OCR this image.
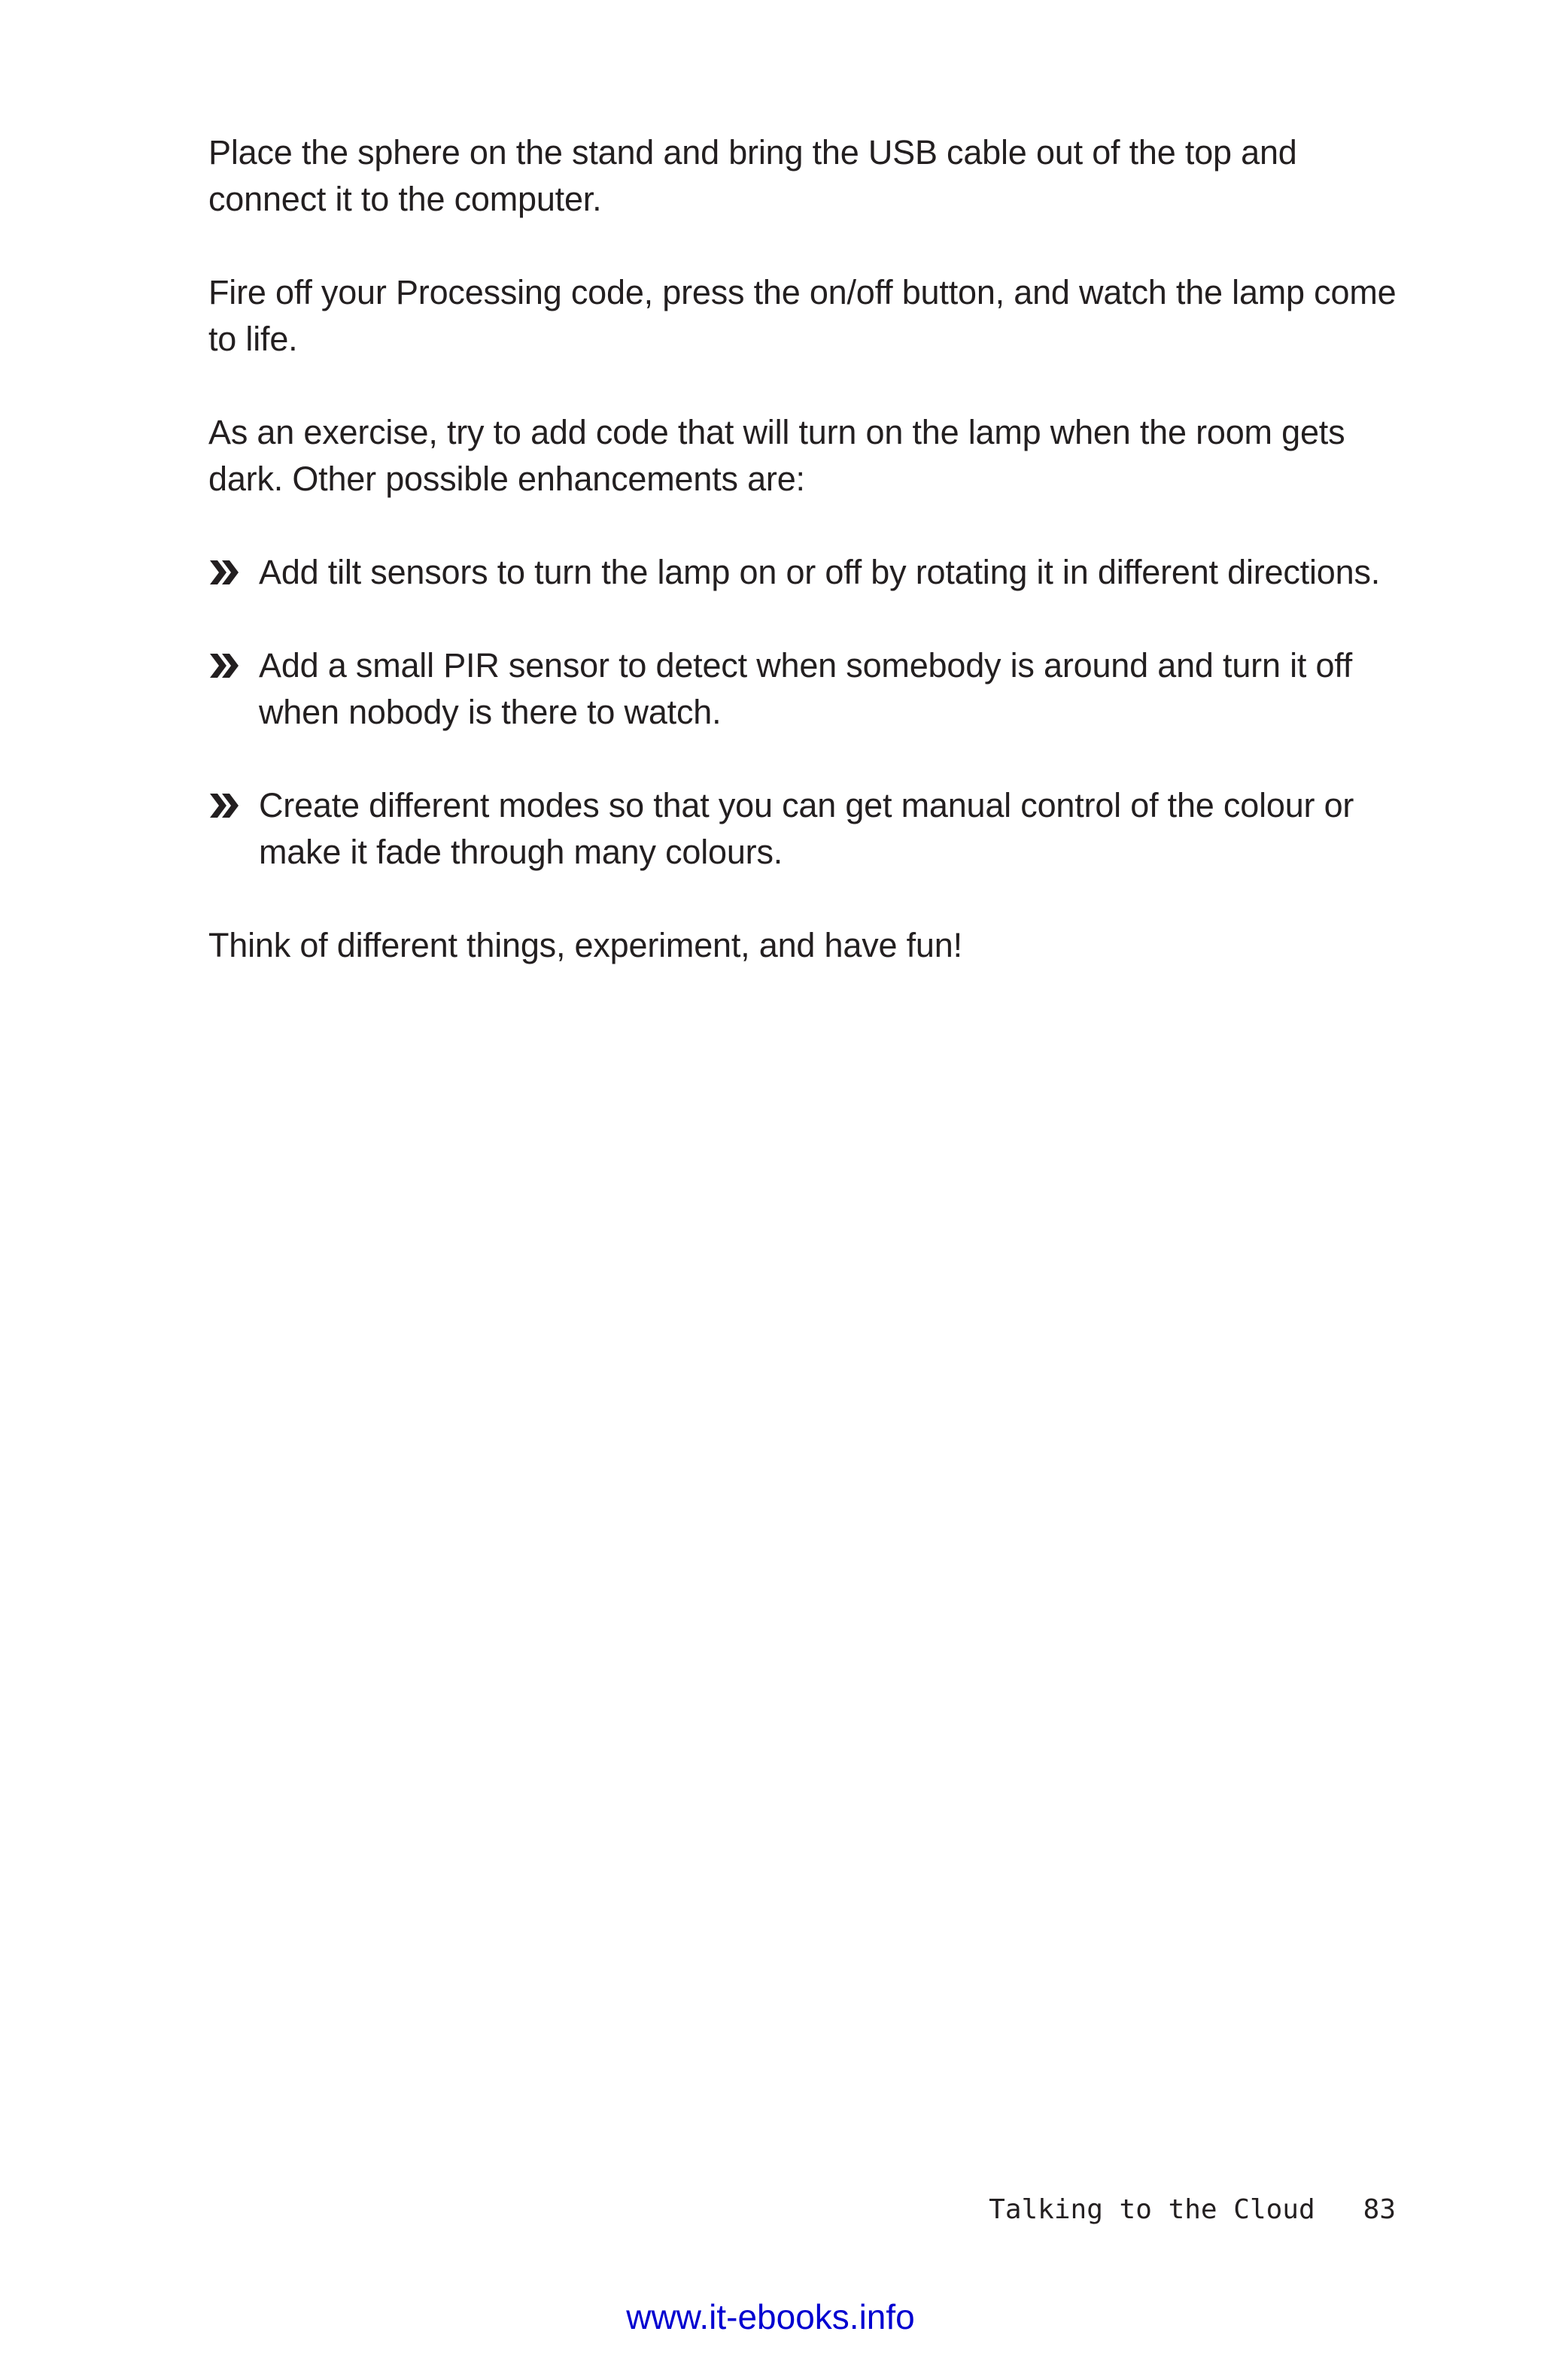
Place the sphere on the stand and bring the USB cable out of the top and connect it to the computer.

Fire off your Processing code, press the on/off button, and watch the lamp come to life.

As an exercise, try to add code that will turn on the lamp when the room gets dark. Other possible enhancements are:

Add tilt sensors to turn the lamp on or off by rotating it in different directions.
Add a small PIR sensor to detect when somebody is around and turn it off when nobody is there to watch.
Create different modes so that you can get manual control of the colour or make it fade through many colours.

Think of different things, experiment, and have fun!

Talking to the Cloud 83
www.it-ebooks.info
